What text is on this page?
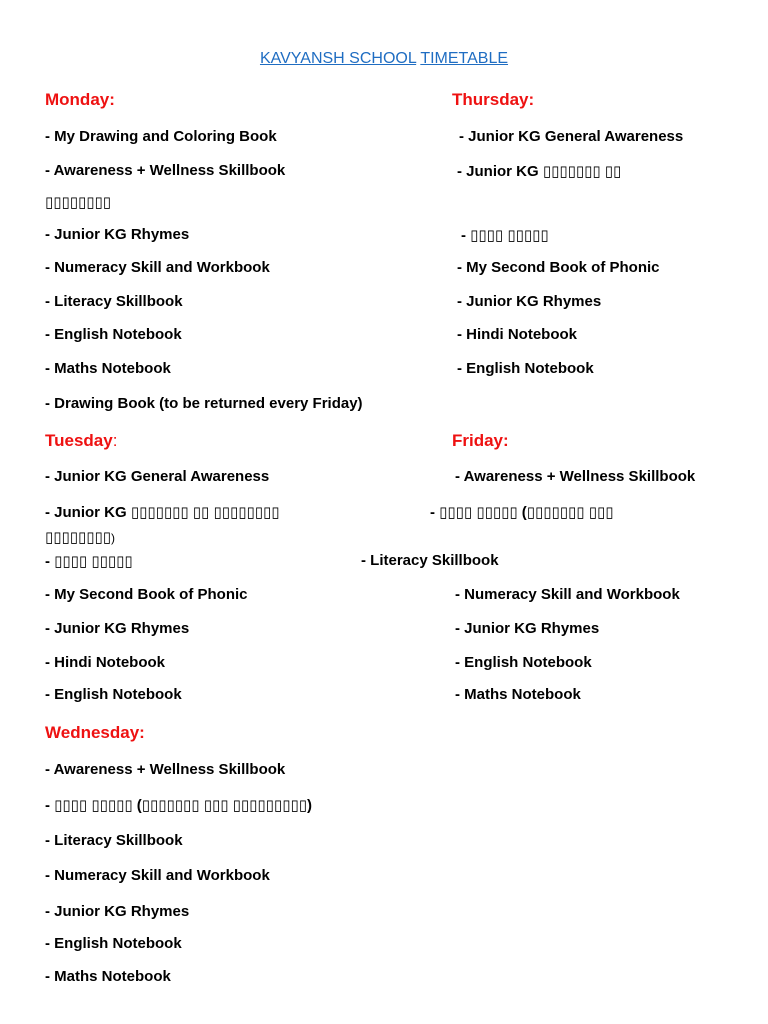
KAVYANSH SCHOOL TIMETABLE
Monday:
- My Drawing and Coloring Book
- Awareness + Wellness Skillbook
▯▯▯▯▯▯▯▯
- Junior KG Rhymes
- Numeracy Skill and Workbook
- Literacy Skillbook
- English Notebook
- Maths Notebook
- Drawing Book (to be returned every Friday)
Thursday:
- Junior KG General Awareness
- Junior KG ▯▯▯▯▯▯▯ ▯▯
- ▯▯▯▯ ▯▯▯▯▯
- My Second Book of Phonic
- Junior KG Rhymes
- Hindi Notebook
- English Notebook
Tuesday:
- Junior KG General Awareness
- Junior KG ▯▯▯▯▯▯▯ ▯▯ ▯▯▯▯▯▯▯▯
- ▯▯▯▯ ▯▯▯▯▯
- My Second Book of Phonic
- Junior KG Rhymes
- Hindi Notebook
- English Notebook
Friday:
- Awareness + Wellness Skillbook
- ▯▯▯▯ ▯▯▯▯▯ (▯▯▯▯▯▯▯ ▯▯▯
▯▯▯▯▯▯▯▯)
- Literacy Skillbook
- Numeracy Skill and Workbook
- Junior KG Rhymes
- English Notebook
- Maths Notebook
Wednesday:
- Awareness + Wellness Skillbook
- ▯▯▯▯ ▯▯▯▯▯ (▯▯▯▯▯▯▯ ▯▯▯ ▯▯▯▯▯▯▯▯▯)
- Literacy Skillbook
- Numeracy Skill and Workbook
- Junior KG Rhymes
- English Notebook
- Maths Notebook
